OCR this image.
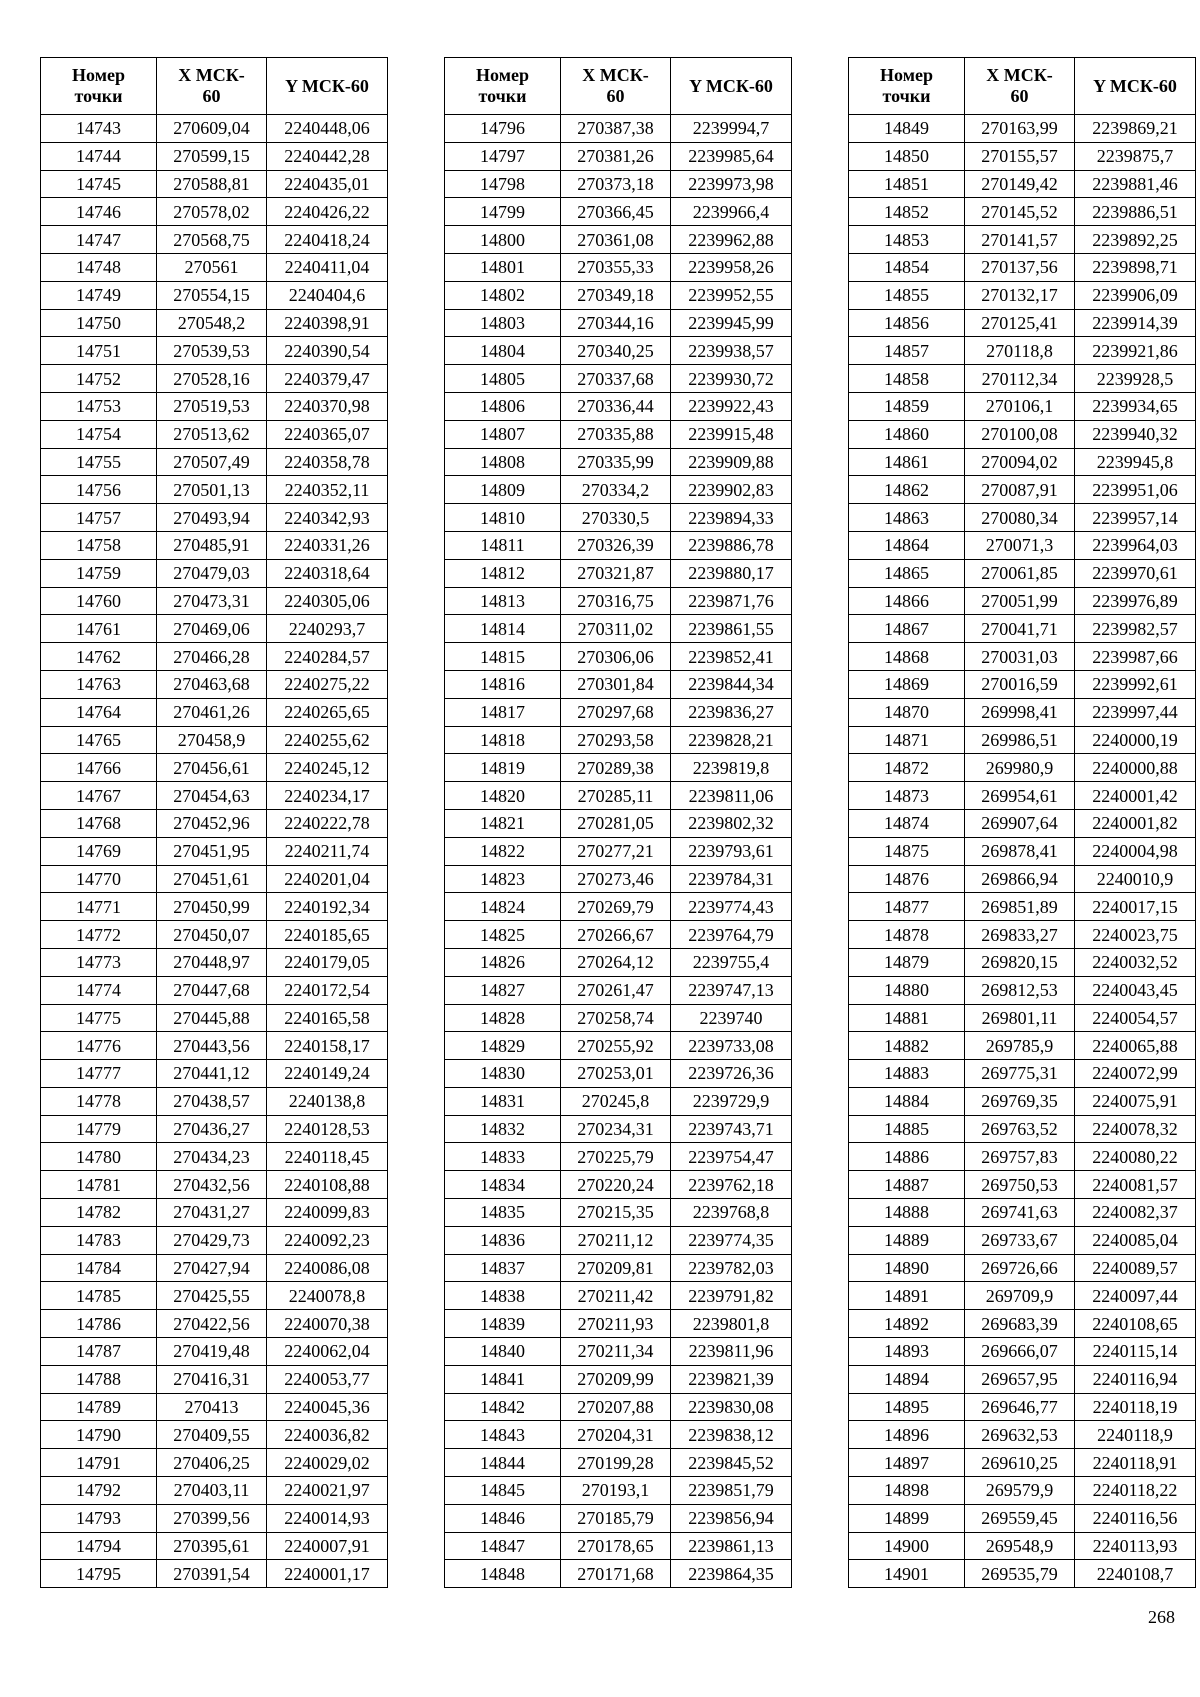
Номер
точки	X МСК-
60	Y МСК-60
14743	270609,04	2240448,06
14744	270599,15	2240442,28
14745	270588,81	2240435,01
14746	270578,02	2240426,22
14747	270568,75	2240418,24
14748	270561	2240411,04
14749	270554,15	2240404,6
14750	270548,2	2240398,91
14751	270539,53	2240390,54
14752	270528,16	2240379,47
14753	270519,53	2240370,98
14754	270513,62	2240365,07
14755	270507,49	2240358,78
14756	270501,13	2240352,11
14757	270493,94	2240342,93
14758	270485,91	2240331,26
14759	270479,03	2240318,64
14760	270473,31	2240305,06
14761	270469,06	2240293,7
14762	270466,28	2240284,57
14763	270463,68	2240275,22
14764	270461,26	2240265,65
14765	270458,9	2240255,62
14766	270456,61	2240245,12
14767	270454,63	2240234,17
14768	270452,96	2240222,78
14769	270451,95	2240211,74
14770	270451,61	2240201,04
14771	270450,99	2240192,34
14772	270450,07	2240185,65
14773	270448,97	2240179,05
14774	270447,68	2240172,54
14775	270445,88	2240165,58
14776	270443,56	2240158,17
14777	270441,12	2240149,24
14778	270438,57	2240138,8
14779	270436,27	2240128,53
14780	270434,23	2240118,45
14781	270432,56	2240108,88
14782	270431,27	2240099,83
14783	270429,73	2240092,23
14784	270427,94	2240086,08
14785	270425,55	2240078,8
14786	270422,56	2240070,38
14787	270419,48	2240062,04
14788	270416,31	2240053,77
14789	270413	2240045,36
14790	270409,55	2240036,82
14791	270406,25	2240029,02
14792	270403,11	2240021,97
14793	270399,56	2240014,93
14794	270395,61	2240007,91
14795	270391,54	2240001,17
Номер
точки	X МСК-
60	Y МСК-60
14796	270387,38	2239994,7
14797	270381,26	2239985,64
14798	270373,18	2239973,98
14799	270366,45	2239966,4
14800	270361,08	2239962,88
14801	270355,33	2239958,26
14802	270349,18	2239952,55
14803	270344,16	2239945,99
14804	270340,25	2239938,57
14805	270337,68	2239930,72
14806	270336,44	2239922,43
14807	270335,88	2239915,48
14808	270335,99	2239909,88
14809	270334,2	2239902,83
14810	270330,5	2239894,33
14811	270326,39	2239886,78
14812	270321,87	2239880,17
14813	270316,75	2239871,76
14814	270311,02	2239861,55
14815	270306,06	2239852,41
14816	270301,84	2239844,34
14817	270297,68	2239836,27
14818	270293,58	2239828,21
14819	270289,38	2239819,8
14820	270285,11	2239811,06
14821	270281,05	2239802,32
14822	270277,21	2239793,61
14823	270273,46	2239784,31
14824	270269,79	2239774,43
14825	270266,67	2239764,79
14826	270264,12	2239755,4
14827	270261,47	2239747,13
14828	270258,74	2239740
14829	270255,92	2239733,08
14830	270253,01	2239726,36
14831	270245,8	2239729,9
14832	270234,31	2239743,71
14833	270225,79	2239754,47
14834	270220,24	2239762,18
14835	270215,35	2239768,8
14836	270211,12	2239774,35
14837	270209,81	2239782,03
14838	270211,42	2239791,82
14839	270211,93	2239801,8
14840	270211,34	2239811,96
14841	270209,99	2239821,39
14842	270207,88	2239830,08
14843	270204,31	2239838,12
14844	270199,28	2239845,52
14845	270193,1	2239851,79
14846	270185,79	2239856,94
14847	270178,65	2239861,13
14848	270171,68	2239864,35
Номер
точки	X МСК-
60	Y МСК-60
14849	270163,99	2239869,21
14850	270155,57	2239875,7
14851	270149,42	2239881,46
14852	270145,52	2239886,51
14853	270141,57	2239892,25
14854	270137,56	2239898,71
14855	270132,17	2239906,09
14856	270125,41	2239914,39
14857	270118,8	2239921,86
14858	270112,34	2239928,5
14859	270106,1	2239934,65
14860	270100,08	2239940,32
14861	270094,02	2239945,8
14862	270087,91	2239951,06
14863	270080,34	2239957,14
14864	270071,3	2239964,03
14865	270061,85	2239970,61
14866	270051,99	2239976,89
14867	270041,71	2239982,57
14868	270031,03	2239987,66
14869	270016,59	2239992,61
14870	269998,41	2239997,44
14871	269986,51	2240000,19
14872	269980,9	2240000,88
14873	269954,61	2240001,42
14874	269907,64	2240001,82
14875	269878,41	2240004,98
14876	269866,94	2240010,9
14877	269851,89	2240017,15
14878	269833,27	2240023,75
14879	269820,15	2240032,52
14880	269812,53	2240043,45
14881	269801,11	2240054,57
14882	269785,9	2240065,88
14883	269775,31	2240072,99
14884	269769,35	2240075,91
14885	269763,52	2240078,32
14886	269757,83	2240080,22
14887	269750,53	2240081,57
14888	269741,63	2240082,37
14889	269733,67	2240085,04
14890	269726,66	2240089,57
14891	269709,9	2240097,44
14892	269683,39	2240108,65
14893	269666,07	2240115,14
14894	269657,95	2240116,94
14895	269646,77	2240118,19
14896	269632,53	2240118,9
14897	269610,25	2240118,91
14898	269579,9	2240118,22
14899	269559,45	2240116,56
14900	269548,9	2240113,93
14901	269535,79	2240108,7
268
